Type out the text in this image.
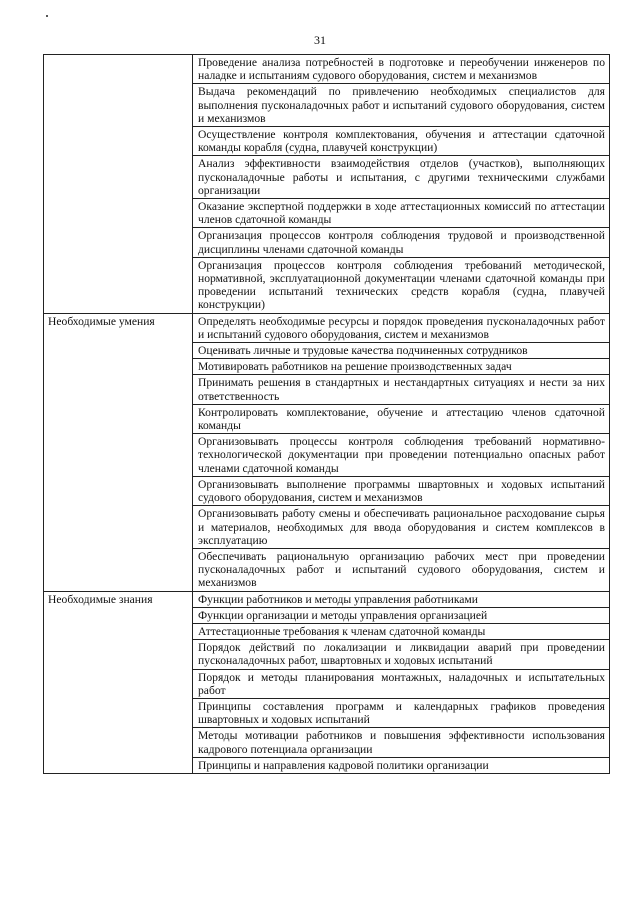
31
	Проведение анализа потребностей в подготовке и переобучении инженеров по наладке и испытаниям судового оборудования, систем и механизмов
	Выдача рекомендаций по привлечению необходимых специалистов для выполнения пусконаладочных работ и испытаний судового оборудования, систем и механизмов
	Осуществление контроля комплектования, обучения и аттестации сдаточной команды корабля (судна, плавучей конструкции)
	Анализ эффективности взаимодействия отделов (участков), выполняющих пусконаладочные работы и испытания, с другими техническими службами организации
	Оказание экспертной поддержки в ходе аттестационных комиссий по аттестации членов сдаточной команды
	Организация процессов контроля соблюдения трудовой и производственной дисциплины членами сдаточной команды
	Организация процессов контроля соблюдения требований методической, нормативной, эксплуатационной документации членами сдаточной команды при проведении испытаний технических средств корабля (судна, плавучей конструкции)
Необходимые умения	Определять необходимые ресурсы и порядок проведения пусконаладочных работ и испытаний судового оборудования, систем и механизмов
	Оценивать личные и трудовые качества подчиненных сотрудников
	Мотивировать работников на решение производственных задач
	Принимать решения в стандартных и нестандартных ситуациях и нести за них ответственность
	Контролировать комплектование, обучение и аттестацию членов сдаточной команды
	Организовывать процессы контроля соблюдения требований нормативно-технологической документации при проведении потенциально опасных работ членами сдаточной команды
	Организовывать выполнение программы швартовных и ходовых испытаний судового оборудования, систем и механизмов
	Организовывать работу смены и обеспечивать рациональное расходование сырья и материалов, необходимых для ввода оборудования и систем комплексов в эксплуатацию
	Обеспечивать рациональную организацию рабочих мест при проведении пусконаладочных работ и испытаний судового оборудования, систем и механизмов
Необходимые знания	Функции работников и методы управления работниками
	Функции организации и методы управления организацией
	Аттестационные требования к членам сдаточной команды
	Порядок действий по локализации и ликвидации аварий при проведении пусконаладочных работ, швартовных и ходовых испытаний
	Порядок и методы планирования монтажных, наладочных и испытательных работ
	Принципы составления программ и календарных графиков проведения швартовных и ходовых испытаний
	Методы мотивации работников и повышения эффективности использования кадрового потенциала организации
	Принципы и направления кадровой политики организации
